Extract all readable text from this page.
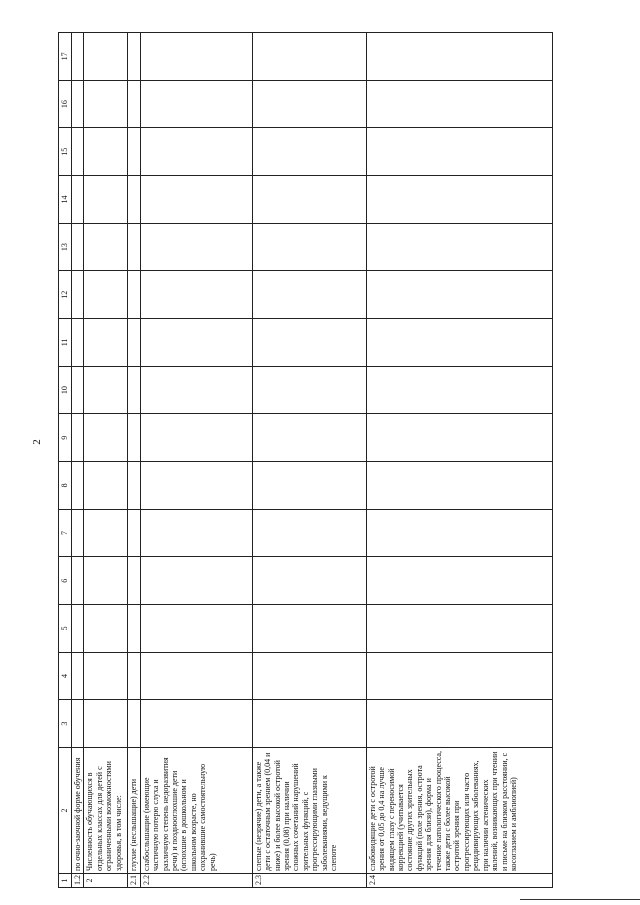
2
1	2	3	4	5	6	7	8	9	10	11	12	13	14	15	16	17
1.2	по очно-заочной форме обучения															
2	Численность обучающихся в отдельных классах для детей с ограниченными возможностями здоровья, в том числе:															
2.1	глухие (неслышащие) дети															
2.2	слабослышащие (имеющие частичную потерю слуха и различную степень недоразвития речи) и позднооглохшие дети (оглохшие в дошкольном и школьном возрасте, но сохранившие самостоятельную речь)															
2.3	слепые (незрячие) дети, а также дети с остаточным зрением (0,04 и ниже) и более высокой остротой зрения (0,08) при наличии сложных сочетаний нарушений зрительных функций, с прогрессирующими глазными заболеваниями, ведущими к слепоте															
2.4	слабовидящие дети с остротой зрения от 0,05 до 0,4 на лучше видящем глазу с переносимой коррекцией (учитывается состояние других зрительных функций (поле зрения, острота зрения для близи), форма и течение патологического процесса, также дети с более высокой остротой зрения при прогрессирующих или часто рецидивирующих заболеваниях, при наличии астенических явлений, возникающих при чтении и письме на близком расстоянии, с косоглазием и амблиопией)															
